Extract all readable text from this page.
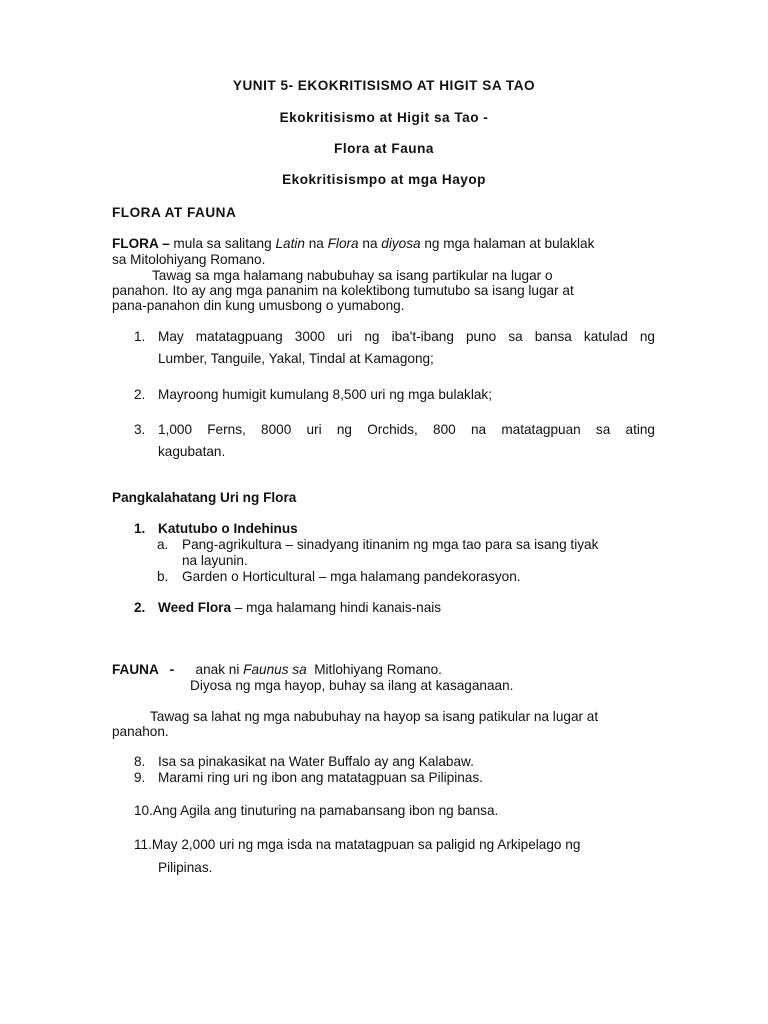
YUNIT 5- EKOKRITISISMO AT HIGIT SA TAO
Ekokritisismo at Higit sa Tao -
Flora at Fauna
Ekokritisismpo at mga Hayop
FLORA AT FAUNA
FLORA – mula sa salitang Latin na Flora na diyosa ng mga halaman at bulaklak
sa Mitolohiyang Romano.
Tawag sa mga halamang nabubuhay sa isang partikular na lugar o
panahon. Ito ay ang mga pananim na kolektibong tumutubo sa isang lugar at
pana-panahon din kung umusbong o yumabong.
1. May matatagpuang 3000 uri ng iba't-ibang puno sa bansa katulad ng
Lumber, Tanguile, Yakal, Tindal at Kamagong;
2. Mayroong humigit kumulang 8,500 uri ng mga bulaklak;
3. 1,000 Ferns, 8000 uri ng Orchids, 800 na matatagpuan sa ating
kagubatan.
Pangkalahatang Uri ng Flora
1. Katutubo o Indehinus
a. Pang-agrikultura – sinadyang itinanim ng mga tao para sa isang tiyak
na layunin.
b. Garden o Horticultural – mga halamang pandekorasyon.
2. Weed Flora – mga halamang hindi kanais-nais
FAUNA   - anak ni Faunus sa  Mitlohiyang Romano.
Diyosa ng mga hayop, buhay sa ilang at kasaganaan.
Tawag sa lahat ng mga nabubuhay na hayop sa isang patikular na lugar at
panahon.
8. Isa sa pinakasikat na Water Buffalo ay ang Kalabaw.
9. Marami ring uri ng ibon ang matatagpuan sa Pilipinas.
10.Ang Agila ang tinuturing na pamabansang ibon ng bansa.
11.May 2,000 uri ng mga isda na matatagpuan sa paligid ng Arkipelago ng
Pilipinas.
